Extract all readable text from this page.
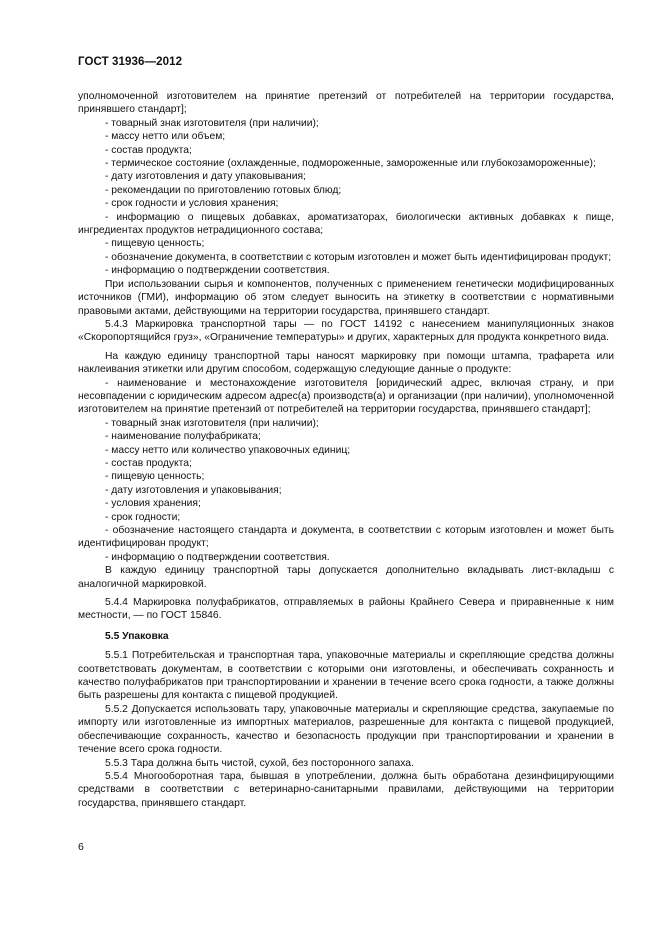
ГОСТ 31936—2012

уполномоченной изготовителем на принятие претензий от потребителей на территории государства, принявшего стандарт];

- товарный знак изготовителя (при наличии);

- массу нетто или объем;

- состав продукта;

- термическое состояние (охлажденные, подмороженные, замороженные или глубокозамороженные);

- дату изготовления и дату упаковывания;

- рекомендации по приготовлению готовых блюд;

- срок годности и условия хранения;

- информацию о пищевых добавках, ароматизаторах, биологически активных добавках к пище, ингредиентах продуктов нетрадиционного состава;

- пищевую ценность;

- обозначение документа, в соответствии с которым изготовлен и может быть идентифицирован продукт;

- информацию о подтверждении соответствия.

При использовании сырья и компонентов, полученных с применением генетически модифицированных источников (ГМИ), информацию об этом следует выносить на этикетку в соответствии с нормативными правовыми актами, действующими на территории государства, принявшего стандарт.

5.4.3 Маркировка транспортной тары — по ГОСТ 14192 с нанесением манипуляционных знаков «Скоропортящийся груз», «Ограничение температуры» и других, характерных для продукта конкретного вида.

На каждую единицу транспортной тары наносят маркировку при помощи штампа, трафарета или наклеивания этикетки или другим способом, содержащую следующие данные о продукте:

- наименование и местонахождение изготовителя [юридический адрес, включая страну, и при несовпадении с юридическим адресом адрес(а) производств(а) и организации (при наличии), уполномоченной изготовителем на принятие претензий от потребителей на территории государства, принявшего стандарт];

- товарный знак изготовителя (при наличии);

- наименование полуфабриката;

- массу нетто или количество упаковочных единиц;

- состав продукта;

- пищевую ценность;

- дату изготовления и упаковывания;

- условия хранения;

- срок годности;

- обозначение настоящего стандарта и документа, в соответствии с которым изготовлен и может быть идентифицирован продукт;

- информацию о подтверждении соответствия.

В каждую единицу транспортной тары допускается дополнительно вкладывать лист-вкладыш с аналогичной маркировкой.

5.4.4 Маркировка полуфабрикатов, отправляемых в районы Крайнего Севера и приравненные к ним местности, — по ГОСТ 15846.

5.5 Упаковка

5.5.1 Потребительская и транспортная тара, упаковочные материалы и скрепляющие средства должны соответствовать документам, в соответствии с которыми они изготовлены, и обеспечивать сохранность и качество полуфабрикатов при транспортировании и хранении в течение всего срока годности, а также должны быть разрешены для контакта с пищевой продукцией.

5.5.2 Допускается использовать тару, упаковочные материалы и скрепляющие средства, закупаемые по импорту или изготовленные из импортных материалов, разрешенные для контакта с пищевой продукцией, обеспечивающие сохранность, качество и безопасность продукции при транспортировании и хранении в течение всего срока годности.

5.5.3 Тара должна быть чистой, сухой, без посторонного запаха.

5.5.4 Многооборотная тара, бывшая в употреблении, должна быть обработана дезинфицирующими средствами в соответствии с ветеринарно-санитарными правилами, действующими на территории государства, принявшего стандарт.

6
